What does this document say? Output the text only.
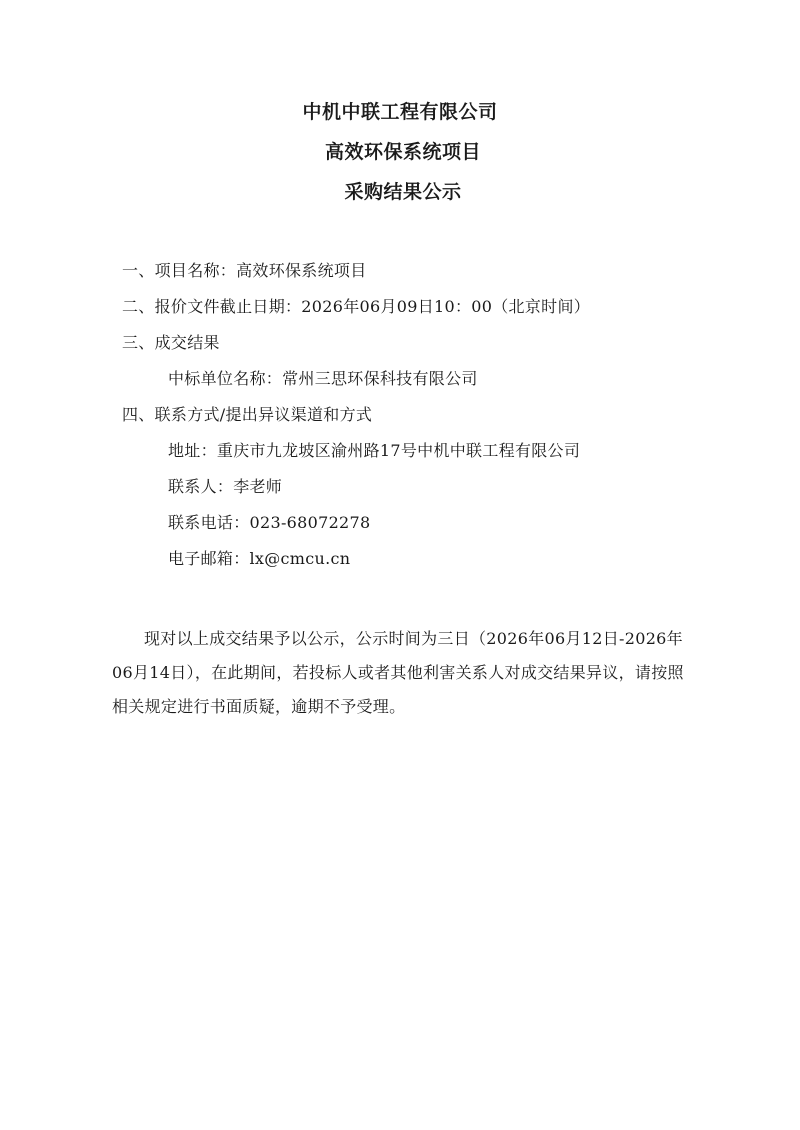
中机中联工程有限公司
高效环保系统项目
采购结果公示
一、项目名称：高效环保系统项目
二、报价文件截止日期：2026年06月09日10：00（北京时间）
三、成交结果
中标单位名称：常州三思环保科技有限公司
四、联系方式/提出异议渠道和方式
地址：重庆市九龙坡区渝州路17号中机中联工程有限公司
联系人：李老师
联系电话：023-68072278
电子邮箱：lx@cmcu.cn

现对以上成交结果予以公示，公示时间为三日（2026年06月12日-2026年06月14日），在此期间，若投标人或者其他利害关系人对成交结果异议，请按照相关规定进行书面质疑，逾期不予受理。
